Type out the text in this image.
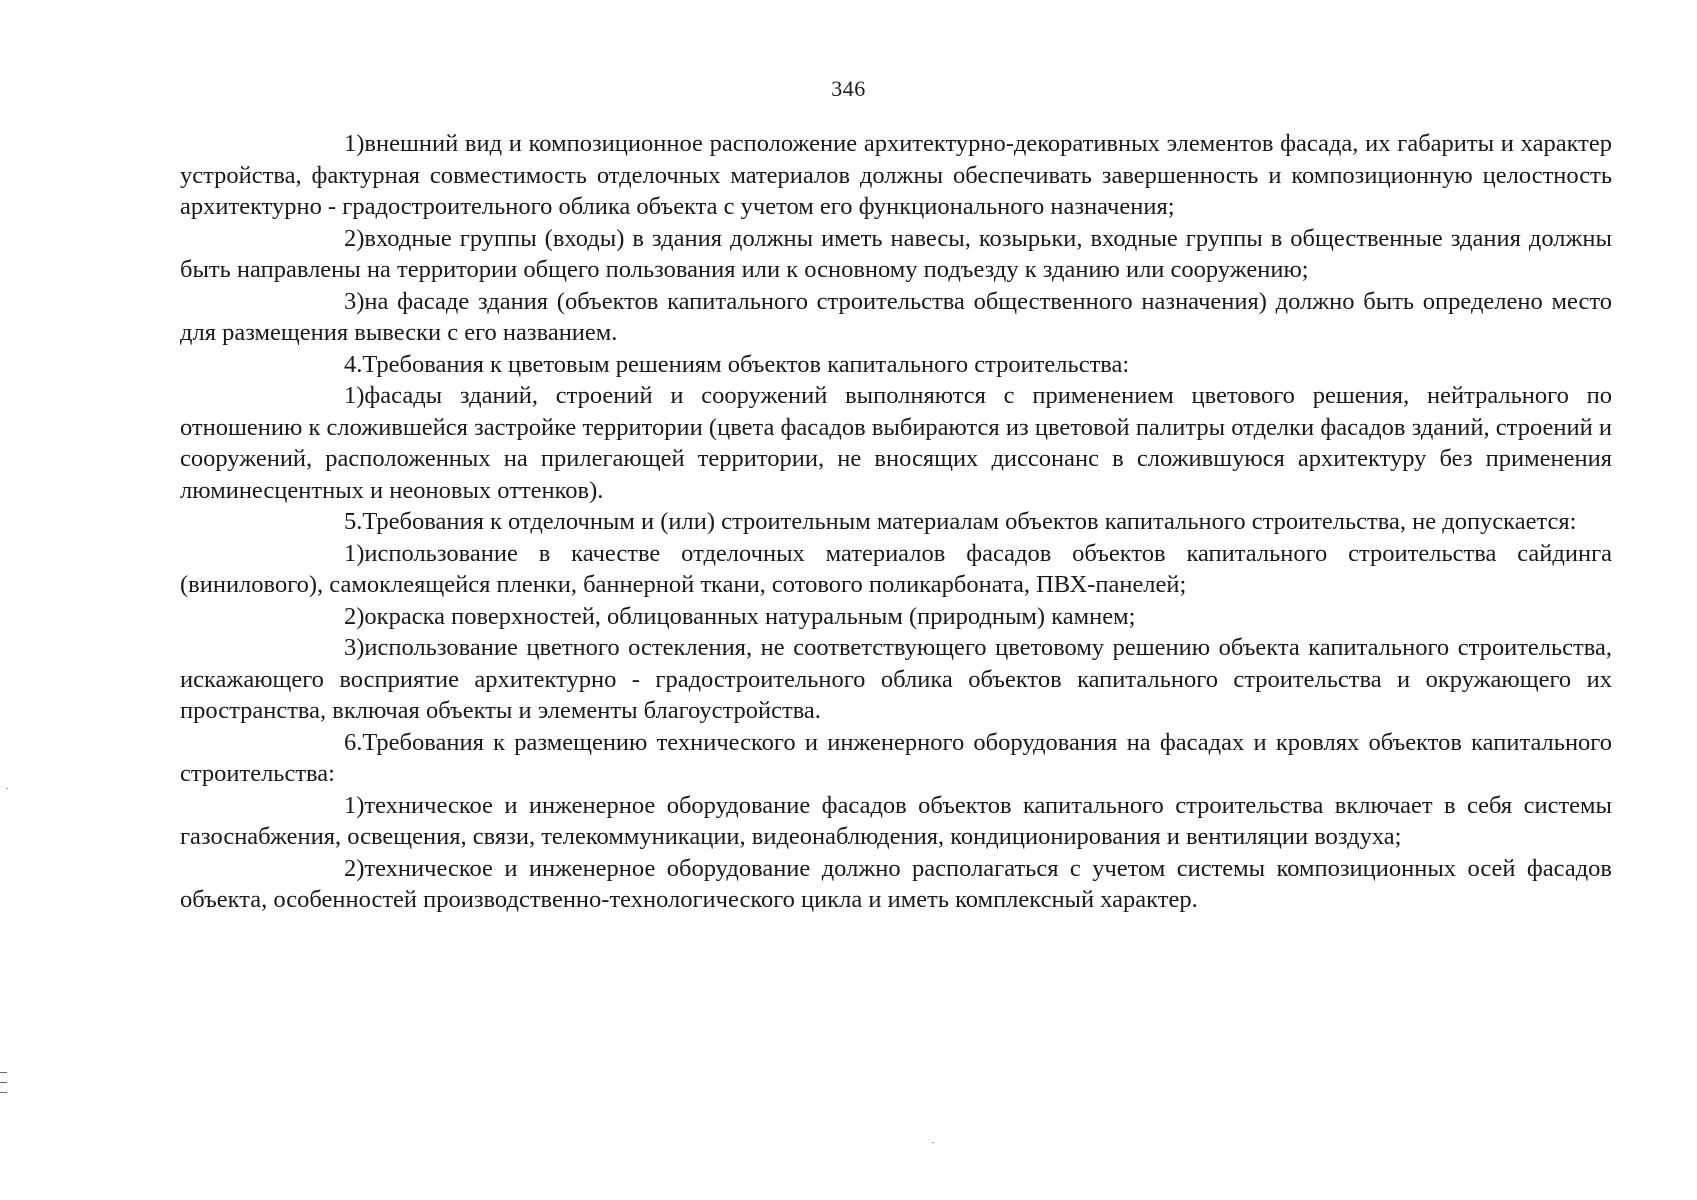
346

1)внешний вид и композиционное расположение архитектурно-декоративных элементов фасада, их габариты и характер устройства, фактурная совместимость отделочных материалов должны обеспечивать завершенность и композиционную целостность архитектурно - градостроительного облика объекта с учетом его функционального назначения;

2)входные группы (входы) в здания должны иметь навесы, козырьки, входные группы в общественные здания должны быть направлены на территории общего пользования или к основному подъезду к зданию или сооружению;

3)на фасаде здания (объектов капитального строительства общественного назначения) должно быть определено место для размещения вывески с его названием.

4.Требования к цветовым решениям объектов капитального строительства:

1)фасады зданий, строений и сооружений выполняются с применением цветового решения, нейтрального по отношению к сложившейся застройке территории (цвета фасадов выбираются из цветовой палитры отделки фасадов зданий, строений и сооружений, расположенных на прилегающей территории, не вносящих диссонанс в сложившуюся архитектуру без применения люминесцентных и неоновых оттенков).

5.Требования к отделочным и (или) строительным материалам объектов капитального строительства, не допускается:

1)использование в качестве отделочных материалов фасадов объектов капитального строительства сайдинга (винилового), самоклеящейся пленки, баннерной ткани, сотового поликарбоната, ПВХ-панелей;

2)окраска поверхностей, облицованных натуральным (природным) камнем;

3)использование цветного остекления, не соответствующего цветовому решению объекта капитального строительства, искажающего восприятие архитектурно - градостроительного облика объектов капитального строительства и окружающего их пространства, включая объекты и элементы благоустройства.

6.Требования к размещению технического и инженерного оборудования на фасадах и кровлях объектов капитального строительства:

1)техническое и инженерное оборудование фасадов объектов капитального строительства включает в себя системы газоснабжения, освещения, связи, телекоммуникации, видеонаблюдения, кондиционирования и вентиляции воздуха;

2)техническое и инженерное оборудование должно располагаться с учетом системы композиционных осей фасадов объекта, особенностей производственно-технологического цикла и иметь комплексный характер.
